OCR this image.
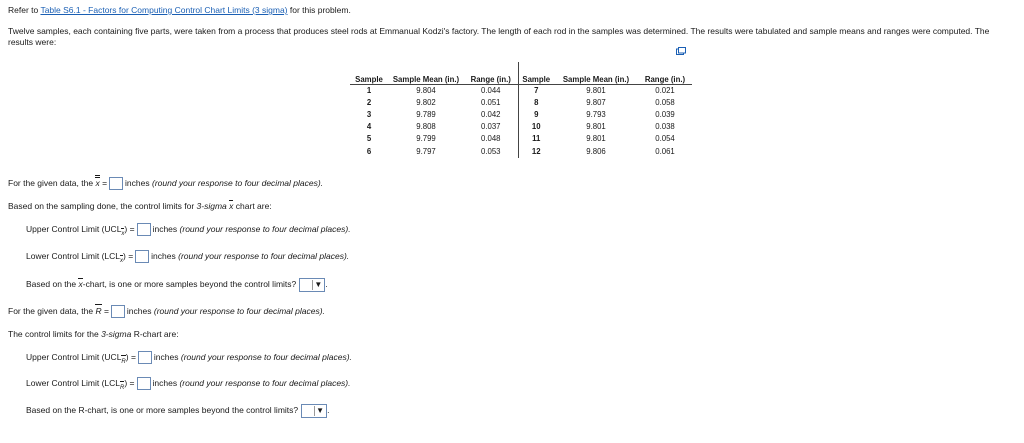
Refer to Table S6.1 - Factors for Computing Control Chart Limits (3 sigma) for this problem.
Twelve samples, each containing five parts, were taken from a process that produces steel rods at Emmanual Kodzi's factory. The length of each rod in the samples was determined. The results were tabulated and sample means and ranges were computed. The results were:
Sample	Sample Mean (in.)	Range (in.)	Sample	Sample Mean (in.)	Range (in.)
1	9.804	0.044	7	9.801	0.021
2	9.802	0.051	8	9.807	0.058
3	9.789	0.042	9	9.793	0.039
4	9.808	0.037	10	9.801	0.038
5	9.799	0.048	11	9.801	0.054
6	9.797	0.053	12	9.806	0.061
For the given data, the x = inches (round your response to four decimal places).
Based on the sampling done, the control limits for 3-sigma x chart are:
Upper Control Limit $(UCL_x)$ = inches (round your response to four decimal places).
Lower Control Limit $(LCL_x)$ = inches (round your response to four decimal places).
Based on the x-chart, is one or more samples beyond the control limits? ▼ .
For the given data, the R = inches (round your response to four decimal places).
The control limits for the 3-sigma R-chart are:
Upper Control Limit $(UCL_R)$ = inches (round your response to four decimal places).
Lower Control Limit $(LCL_R)$ = inches (round your response to four decimal places).
Based on the R-chart, is one or more samples beyond the control limits? ▼ .
